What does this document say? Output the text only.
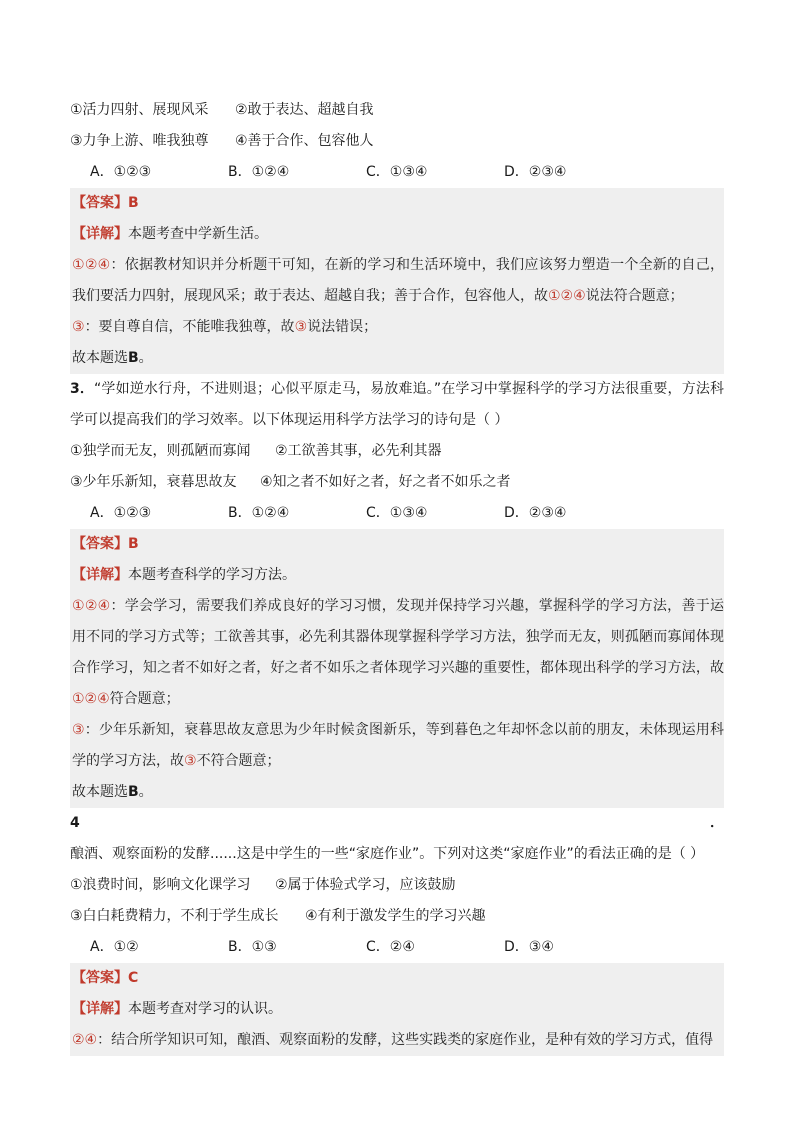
①活力四射、展现风采 ②敢于表达、超越自我
③力争上游、唯我独尊 ④善于合作、包容他人
A．①②③	B．①②④	C．①③④	D．②③④
【答案】B
【详解】本题考查中学新生活。
①②④：依据教材知识并分析题干可知，在新的学习和生活环境中，我们应该努力塑造一个全新的自己，我们要活力四射，展现风采；敢于表达、超越自我；善于合作，包容他人，故①②④说法符合题意；
③：要自尊自信，不能唯我独尊，故③说法错误；
故本题选B。
3．“学如逆水行舟，不进则退；心似平原走马，易放难追。”在学习中掌握科学的学习方法很重要，方法科学可以提高我们的学习效率。以下体现运用科学方法学习的诗句是（ ）
①独学而无友，则孤陋而寡闻 ②工欲善其事，必先利其器
③少年乐新知，衰暮思故友 ④知之者不如好之者，好之者不如乐之者
A．①②③	B．①②④	C．①③④	D．②③④
【答案】B
【详解】本题考查科学的学习方法。
①②④：学会学习，需要我们养成良好的学习习惯，发现并保持学习兴趣，掌握科学的学习方法，善于运用不同的学习方式等；工欲善其事，必先利其器体现掌握科学学习方法，独学而无友，则孤陋而寡闻体现合作学习，知之者不如好之者，好之者不如乐之者体现学习兴趣的重要性，都体现出科学的学习方法，故①②④符合题意；
③：少年乐新知，衰暮思故友意思为少年时候贪图新乐，等到暮色之年却怀念以前的朋友，未体现运用科学的学习方法，故③不符合题意；
故本题选B。
4．酿酒、观察面粉的发酵......这是中学生的一些“家庭作业”。下列对这类“家庭作业”的看法正确的是（ ）
①浪费时间，影响文化课学习 ②属于体验式学习，应该鼓励
③白白耗费精力，不利于学生成长 ④有利于激发学生的学习兴趣
A．①②	B．①③	C．②④	D．③④
【答案】C
【详解】本题考查对学习的认识。
②④：结合所学知识可知，酿酒、观察面粉的发酵，这些实践类的家庭作业，是种有效的学习方式，值得
